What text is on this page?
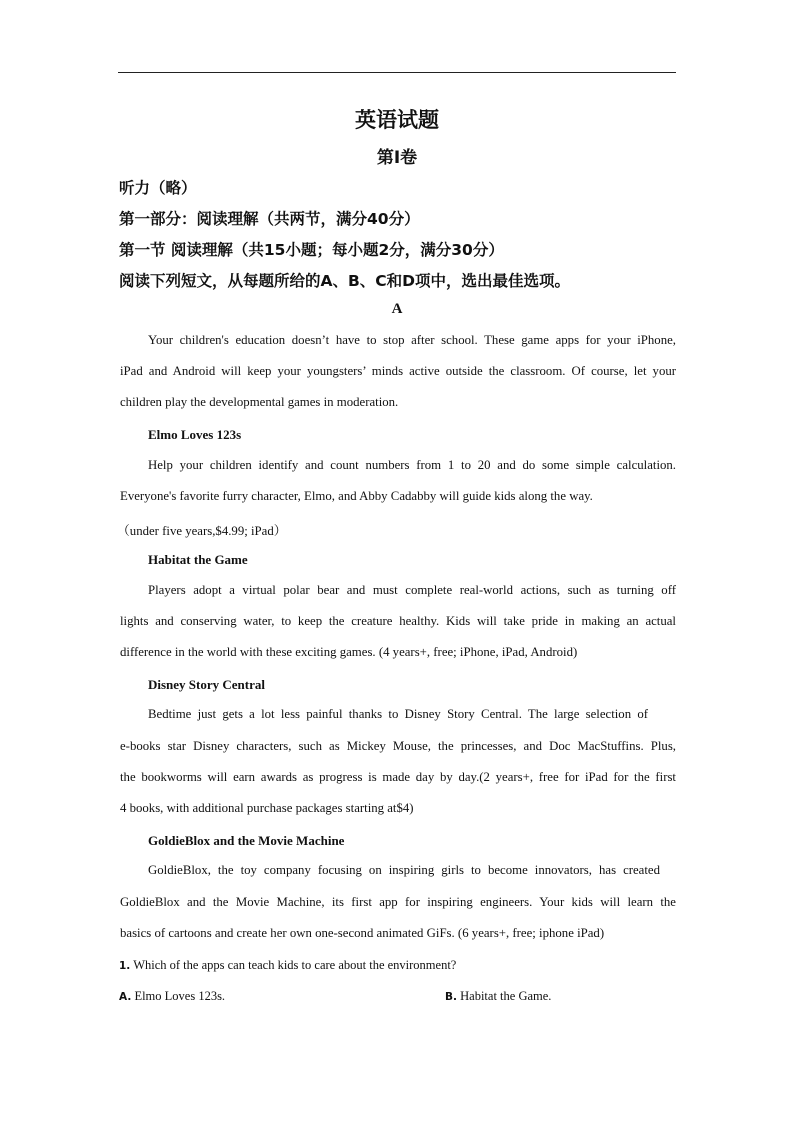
英语试题
第I卷
听力（略）
第一部分：阅读理解（共两节，满分40分）
第一节 阅读理解（共15小题；每小题2分，满分30分）
阅读下列短文，从每题所给的A、B、C和D项中，选出最佳选项。
A
Your children's education doesn’t have to stop after school. These game apps for your iPhone,
iPad and Android will keep your youngsters’ minds active outside the classroom. Of course, let your
children play the developmental games in moderation.
Elmo Loves 123s
Help your children identify and count numbers from 1 to 20 and do some simple calculation.
Everyone's favorite furry character, Elmo, and Abby Cadabby will guide kids along the way.
（under five years,$4.99; iPad）
Habitat the Game
Players adopt a virtual polar bear and must complete real-world actions, such as turning off
lights and conserving water, to keep the creature healthy. Kids will take pride in making an actual
difference in the world with these exciting games. (4 years+, free; iPhone, iPad, Android)
Disney Story Central
Bedtime just gets a lot less painful thanks to Disney Story Central. The large selection of
e-books star Disney characters, such as Mickey Mouse, the princesses, and Doc MacStuffins. Plus,
the bookworms will earn awards as progress is made day by day.(2 years+, free for iPad for the first
4 books, with additional purchase packages starting at$4)
GoldieBlox and the Movie Machine
GoldieBlox, the toy company focusing on inspiring girls to become innovators, has created
GoldieBlox and the Movie Machine, its first app for inspiring engineers. Your kids will learn the
basics of cartoons and create her own one-second animated GiFs. (6 years+, free; iphone iPad)
1. Which of the apps can teach kids to care about the environment?
A. Elmo Loves 123s.	B. Habitat the Game.
